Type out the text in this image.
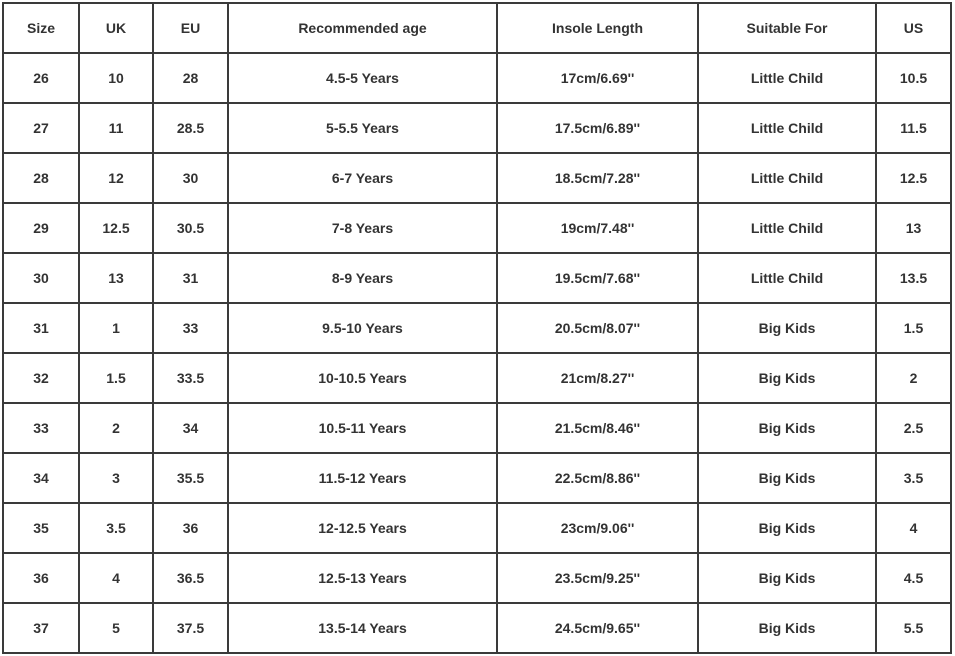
Size	UK	EU	Recommended age	Insole Length	Suitable For	US
26	10	28	4.5-5 Years	17cm/6.69''	Little Child	10.5
27	11	28.5	5-5.5 Years	17.5cm/6.89''	Little Child	11.5
28	12	30	6-7 Years	18.5cm/7.28''	Little Child	12.5
29	12.5	30.5	7-8 Years	19cm/7.48''	Little Child	13
30	13	31	8-9 Years	19.5cm/7.68''	Little Child	13.5
31	1	33	9.5-10 Years	20.5cm/8.07''	Big Kids	1.5
32	1.5	33.5	10-10.5 Years	21cm/8.27''	Big Kids	2
33	2	34	10.5-11 Years	21.5cm/8.46''	Big Kids	2.5
34	3	35.5	11.5-12 Years	22.5cm/8.86''	Big Kids	3.5
35	3.5	36	12-12.5 Years	23cm/9.06''	Big Kids	4
36	4	36.5	12.5-13 Years	23.5cm/9.25''	Big Kids	4.5
37	5	37.5	13.5-14 Years	24.5cm/9.65''	Big Kids	5.5
